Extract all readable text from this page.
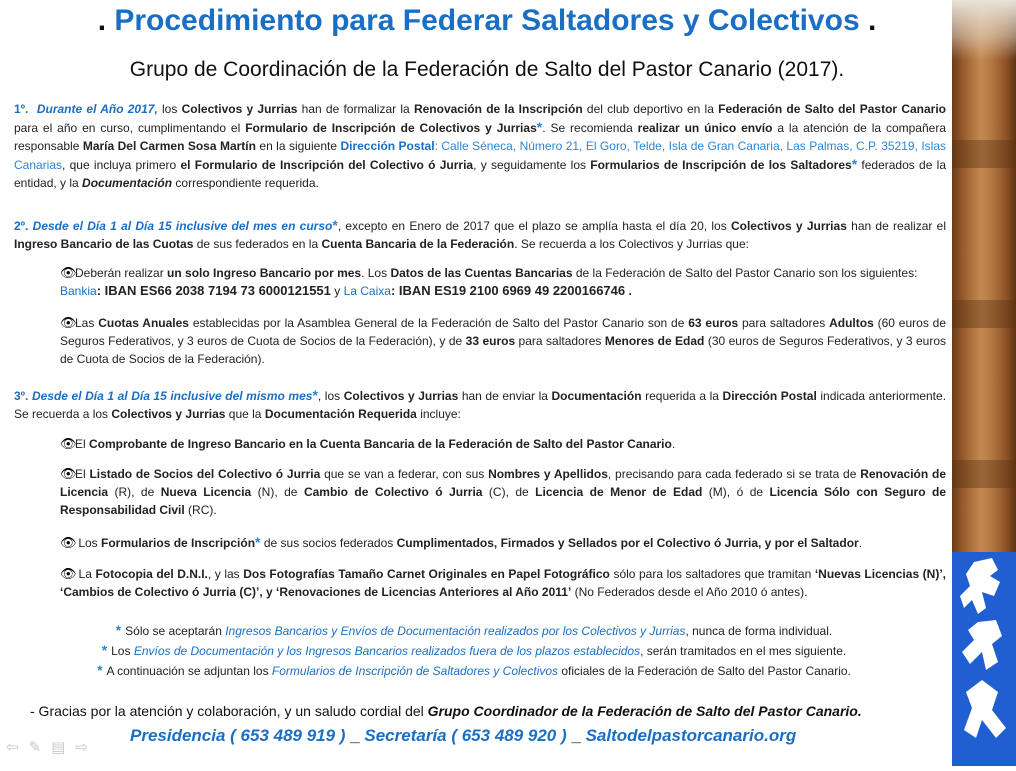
. Procedimiento para Federar Saltadores y Colectivos .
Grupo de Coordinación de la Federación de Salto del Pastor Canario (2017).
1º. Durante el Año 2017, los Colectivos y Jurrias han de formalizar la Renovación de la Inscripción del club deportivo en la Federación de Salto del Pastor Canario para el año en curso, cumplimentando el Formulario de Inscripción de Colectivos y Jurrias*. Se recomienda realizar un único envío a la atención de la compañera responsable María Del Carmen Sosa Martín en la siguiente Dirección Postal: Calle Séneca, Número 21, El Goro, Telde, Isla de Gran Canaria, Las Palmas, C.P. 35219, Islas Canarias, que incluya primero el Formulario de Inscripción del Colectivo ó Jurria, y seguidamente los Formularios de Inscripción de los Saltadores* federados de la entidad, y la Documentación correspondiente requerida.
2º. Desde el Día 1 al Día 15 inclusive del mes en curso*, excepto en Enero de 2017 que el plazo se amplía hasta el día 20, los Colectivos y Jurrias han de realizar el Ingreso Bancario de las Cuotas de sus federados en la Cuenta Bancaria de la Federación. Se recuerda a los Colectivos y Jurrias que:
👁Deberán realizar un solo Ingreso Bancario por mes. Los Datos de las Cuentas Bancarias de la Federación de Salto del Pastor Canario son los siguientes:
Bankia: IBAN ES66 2038 7194 73 6000121551 y La Caixa: IBAN ES19 2100 6969 49 2200166746 .
👁Las Cuotas Anuales establecidas por la Asamblea General de la Federación de Salto del Pastor Canario son de 63 euros para saltadores Adultos (60 euros de Seguros Federativos, y 3 euros de Cuota de Socios de la Federación), y de 33 euros para saltadores Menores de Edad (30 euros de Seguros Federativos, y 3 euros de Cuota de Socios de la Federación).
3º. Desde el Día 1 al Día 15 inclusive del mismo mes*, los Colectivos y Jurrias han de enviar la Documentación requerida a la Dirección Postal indicada anteriormente. Se recuerda a los Colectivos y Jurrias que la Documentación Requerida incluye:
👁El Comprobante de Ingreso Bancario en la Cuenta Bancaria de la Federación de Salto del Pastor Canario.
👁El Listado de Socios del Colectivo ó Jurria que se van a federar, con sus Nombres y Apellidos, precisando para cada federado si se trata de Renovación de Licencia (R), de Nueva Licencia (N), de Cambio de Colectivo ó Jurria (C), de Licencia de Menor de Edad (M), ó de Licencia Sólo con Seguro de Responsabilidad Civil (RC).
👁 Los Formularios de Inscripción* de sus socios federados Cumplimentados, Firmados y Sellados por el Colectivo ó Jurria, y por el Saltador.
👁 La Fotocopia del D.N.I., y las Dos Fotografías Tamaño Carnet Originales en Papel Fotográfico sólo para los saltadores que tramitan ‘Nuevas Licencias (N)’, ‘Cambios de Colectivo ó Jurria (C)’, y ‘Renovaciones de Licencias Anteriores al Año 2011’ (No Federados desde el Año 2010 ó antes).
* Sólo se aceptarán Ingresos Bancarios y Envíos de Documentación realizados por los Colectivos y Jurrias, nunca de forma individual.
* Los Envíos de Documentación y los Ingresos Bancarios realizados fuera de los plazos establecidos, serán tramitados en el mes siguiente.
* A continuación se adjuntan los Formularios de Inscripción de Saltadores y Colectivos oficiales de la Federación de Salto del Pastor Canario.
- Gracias por la atención y colaboración, y un saludo cordial del Grupo Coordinador de la Federación de Salto del Pastor Canario.
Presidencia ( 653 489 919 ) _ Secretaría ( 653 489 920 ) _ Saltodelpastorcanario.org
⇦ ✎ ▤ ⇨
